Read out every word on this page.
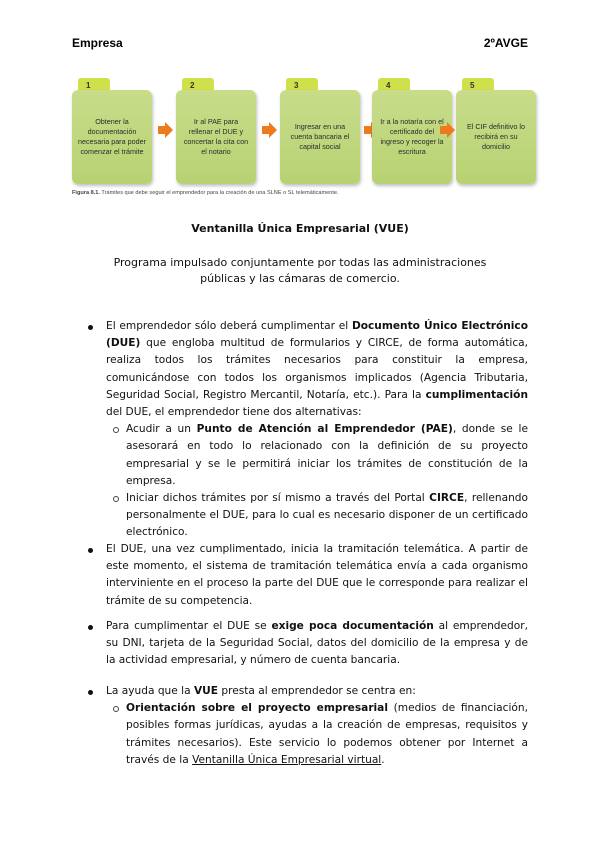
Empresa	2ºAVGE
1
Obtener la documentación necesaria para poder comenzar el trámite
2
Ir al PAE para rellenar el DUE y concertar la cita con el notario
3
Ingresar en una cuenta bancaria el capital social
4
Ir a la notaría con el certificado del ingreso y recoger la escritura
5
El CIF definitivo lo recibirá en su domicilio
Figura 8.1. Trámites que debe seguir el emprendedor para la creación de una SLNE o SL telemáticamente.
Ventanilla Única Empresarial (VUE)
Programa impulsado conjuntamente por todas las administraciones públicas y las cámaras de comercio.
El emprendedor sólo deberá cumplimentar el Documento Único Electrónico (DUE) que engloba multitud de formularios y CIRCE, de forma automática, realiza todos los trámites necesarios para constituir la empresa, comunicándose con todos los organismos implicados (Agencia Tributaria, Seguridad Social, Registro Mercantil, Notaría, etc.). Para la cumplimentación del DUE, el emprendedor tiene dos alternativas:
Acudir a un Punto de Atención al Emprendedor (PAE), donde se le asesorará en todo lo relacionado con la definición de su proyecto empresarial y se le permitirá iniciar los trámites de constitución de la empresa.
Iniciar dichos trámites por sí mismo a través del Portal CIRCE, rellenando personalmente el DUE, para lo cual es necesario disponer de un certificado electrónico.
El DUE, una vez cumplimentado, inicia la tramitación telemática. A partir de este momento, el sistema de tramitación telemática envía a cada organismo interviniente en el proceso la parte del DUE que le corresponde para realizar el trámite de su competencia.
Para cumplimentar el DUE se exige poca documentación al emprendedor, su DNI, tarjeta de la Seguridad Social, datos del domicilio de la empresa y de la actividad empresarial, y número de cuenta bancaria.
La ayuda que la VUE presta al emprendedor se centra en:
Orientación sobre el proyecto empresarial (medios de financiación, posibles formas jurídicas, ayudas a la creación de empresas, requisitos y trámites necesarios). Este servicio lo podemos obtener por Internet a través de la Ventanilla Única Empresarial virtual.
